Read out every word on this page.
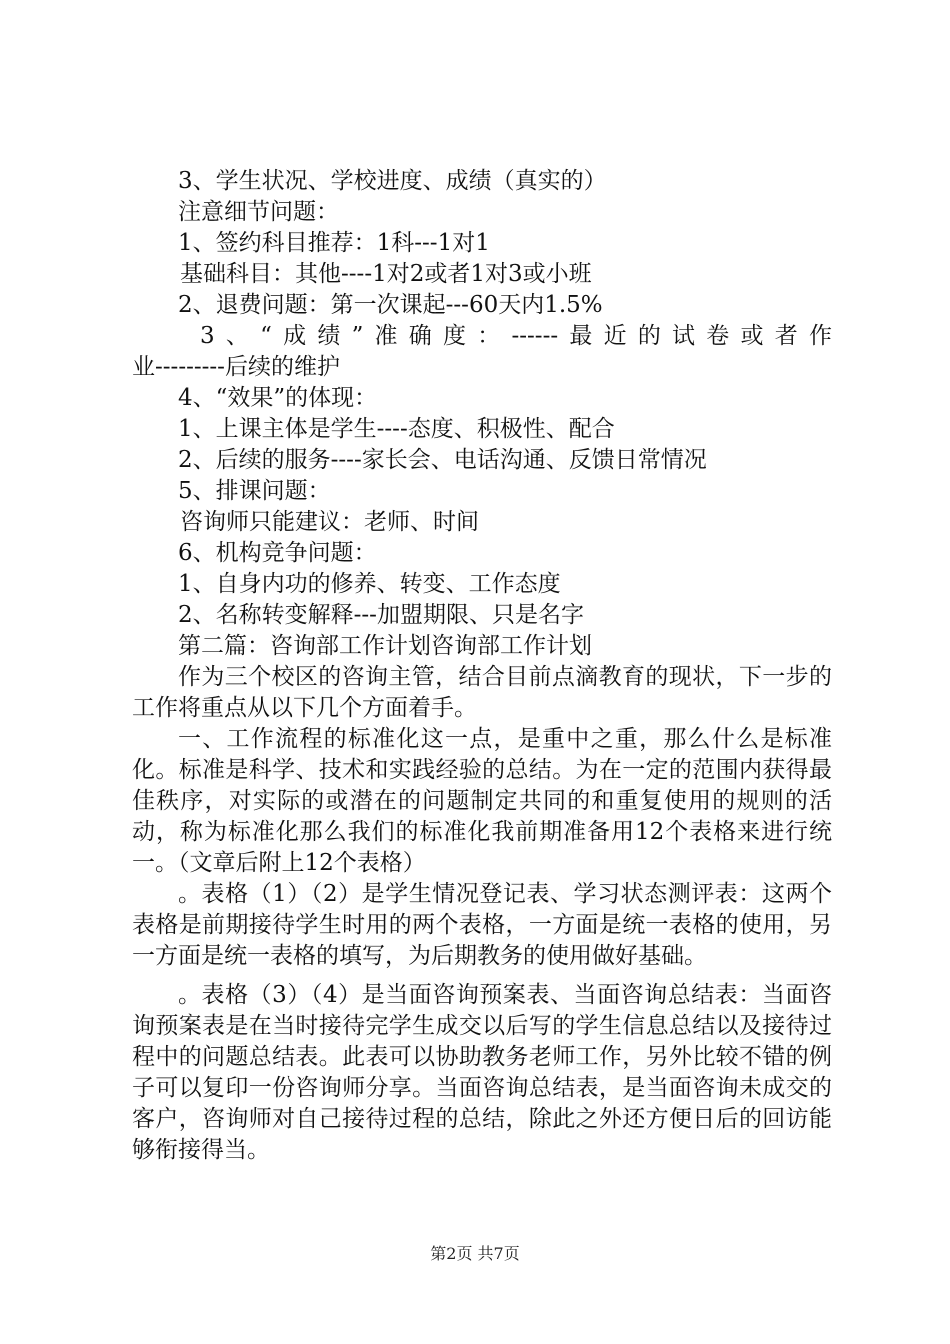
3、学生状况、学校进度、成绩（真实的）
注意细节问题：
1、签约科目推荐：1科---1对1
基础科目：其他----1对2或者1对3或小班
2、退费问题：第一次课起---60天内1.5%
3、“成绩”准确度：------最近的试卷或者作
业---------后续的维护
4、“效果”的体现：
1、上课主体是学生----态度、积极性、配合
2、后续的服务----家长会、电话沟通、反馈日常情况
5、排课问题：
咨询师只能建议：老师、时间
6、机构竞争问题：
1、自身内功的修养、转变、工作态度
2、名称转变解释---加盟期限、只是名字
第二篇：咨询部工作计划咨询部工作计划
作为三个校区的咨询主管，结合目前点滴教育的现状，下一步的工作将重点从以下几个方面着手。
一、工作流程的标准化这一点，是重中之重，那么什么是标准化。标准是科学、技术和实践经验的总结。为在一定的范围内获得最佳秩序，对实际的或潜在的问题制定共同的和重复使用的规则的活动，称为标准化那么我们的标准化我前期准备用12个表格来进行统一。（文章后附上12个表格）
。表格（1）（2）是学生情况登记表、学习状态测评表：这两个表格是前期接待学生时用的两个表格，一方面是统一表格的使用，另一方面是统一表格的填写，为后期教务的使用做好基础。
。表格（3）（4）是当面咨询预案表、当面咨询总结表：当面咨询预案表是在当时接待完学生成交以后写的学生信息总结以及接待过程中的问题总结表。此表可以协助教务老师工作，另外比较不错的例子可以复印一份咨询师分享。当面咨询总结表，是当面咨询未成交的客户，咨询师对自己接待过程的总结，除此之外还方便日后的回访能够衔接得当。
第2页 共7页
